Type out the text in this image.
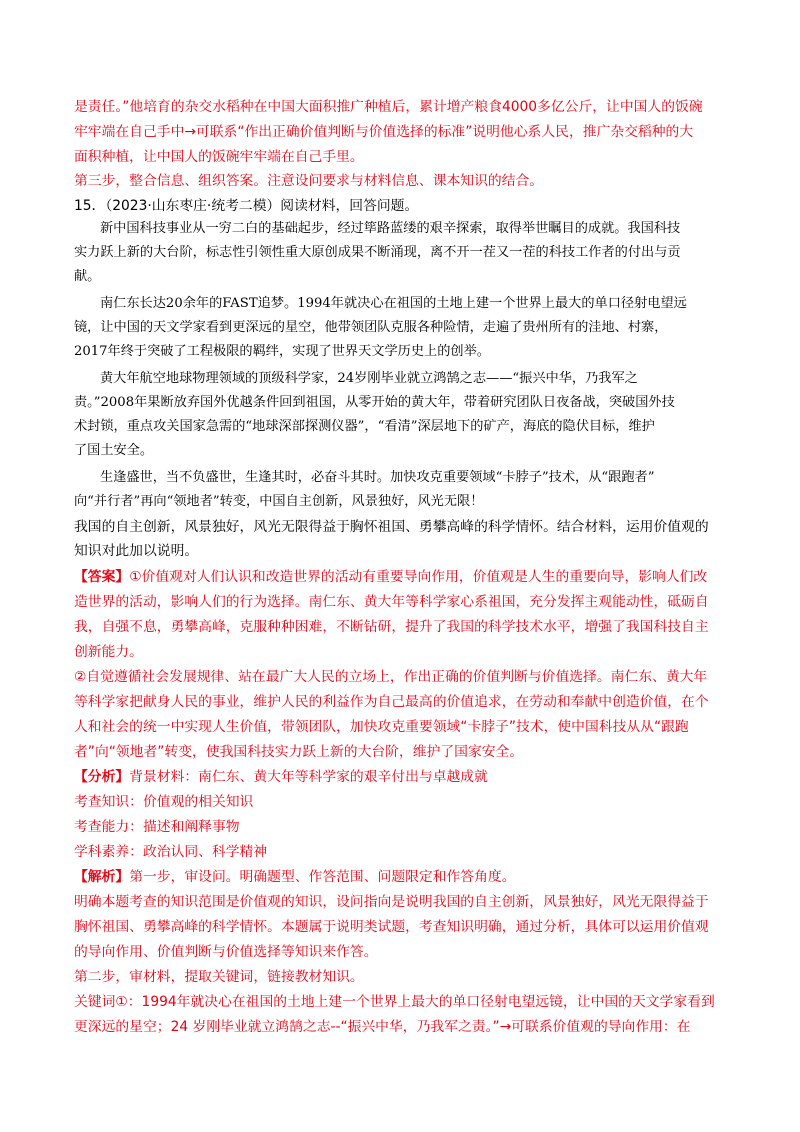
是责任。”他培育的杂交水稻种在中国大面积推广种植后，累计增产粮食4000多亿公斤，让中国人的饭碗
牢牢端在自己手中→可联系“作出正确价值判断与价值选择的标准”说明他心系人民，推广杂交稻种的大
面积种植，让中国人的饭碗牢牢端在自己手里。
第三步，整合信息、组织答案。注意设问要求与材料信息、课本知识的结合。
15．（2023·山东枣庄·统考二模）阅读材料，回答问题。
新中国科技事业从一穷二白的基础起步，经过筚路蓝缕的艰辛探索，取得举世瞩目的成就。我国科技
实力跃上新的大台阶，标志性引领性重大原创成果不断涌现，离不开一茬又一茬的科技工作者的付出与贡
献。
南仁东长达20余年的FAST追梦。1994年就决心在祖国的土地上建一个世界上最大的单口径射电望远
镜，让中国的天文学家看到更深远的星空，他带领团队克服各种险情，走遍了贵州所有的洼地、村寨，
2017年终于突破了工程极限的羁绊，实现了世界天文学历史上的创举。
黄大年航空地球物理领域的顶级科学家，24岁刚毕业就立鸿鹄之志——“振兴中华，乃我军之
责。”2008年果断放弃国外优越条件回到祖国，从零开始的黄大年，带着研究团队日夜备战，突破国外技
术封锁，重点攻关国家急需的“地球深部探测仪器”，“看清”深层地下的矿产，海底的隐伏目标，维护
了国土安全。
生逢盛世，当不负盛世，生逢其时，必奋斗其时。加快攻克重要领域“卡脖子”技术，从“跟跑者”
向“并行者”再向“领地者”转变，中国自主创新，风景独好，风光无限！
我国的自主创新，风景独好，风光无限得益于胸怀祖国、勇攀高峰的科学情怀。结合材料，运用价值观的
知识对此加以说明。
【答案】①价值观对人们认识和改造世界的活动有重要导向作用，价值观是人生的重要向导，影响人们改
造世界的活动，影响人们的行为选择。南仁东、黄大年等科学家心系祖国，充分发挥主观能动性，砥砺自
我，自强不息，勇攀高峰，克服种种困难，不断钻研，提升了我国的科学技术水平，增强了我国科技自主
创新能力。
②自觉遵循社会发展规律、站在最广大人民的立场上，作出正确的价值判断与价值选择。南仁东、黄大年
等科学家把献身人民的事业，维护人民的利益作为自己最高的价值追求，在劳动和奉献中创造价值，在个
人和社会的统一中实现人生价值，带领团队，加快攻克重要领域“卡脖子”技术，使中国科技从从“跟跑
者”向“领地者”转变，使我国科技实力跃上新的大台阶，维护了国家安全。
【分析】背景材料：南仁东、黄大年等科学家的艰辛付出与卓越成就
考查知识：价值观的相关知识
考查能力：描述和阐释事物
学科素养：政治认同、科学精神
【解析】第一步，审设问。明确题型、作答范围、问题限定和作答角度。
明确本题考查的知识范围是价值观的知识，设问指向是说明我国的自主创新，风景独好，风光无限得益于
胸怀祖国、勇攀高峰的科学情怀。本题属于说明类试题，考查知识明确，通过分析，具体可以运用价值观
的导向作用、价值判断与价值选择等知识来作答。
第二步，审材料，提取关键词，链接教材知识。
关键词①：1994年就决心在祖国的土地上建一个世界上最大的单口径射电望远镜，让中国的天文学家看到
更深远的星空；24 岁刚毕业就立鸿鹄之志--“振兴中华，乃我军之责。”→可联系价值观的导向作用：在
